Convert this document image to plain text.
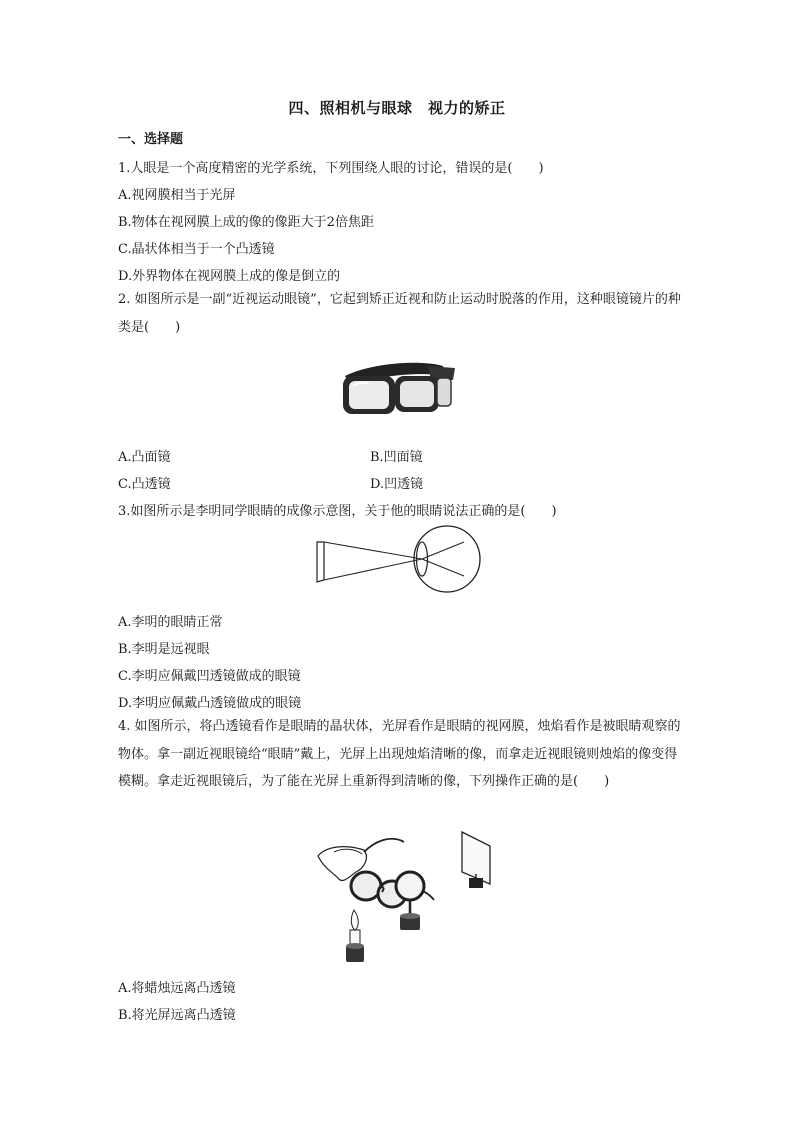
四、照相机与眼球　视力的矫正
一、选择题
1.人眼是一个高度精密的光学系统，下列围绕人眼的讨论，错误的是(　　)
A.视网膜相当于光屏
B.物体在视网膜上成的像的像距大于2倍焦距
C.晶状体相当于一个凸透镜
D.外界物体在视网膜上成的像是倒立的
2. 如图所示是一副“近视运动眼镜”，它起到矫正近视和防止运动时脱落的作用，这种眼镜镜片的种类是(　　)
A.凸面镜	B.凹面镜
C.凸透镜	D.凹透镜
3.如图所示是李明同学眼睛的成像示意图，关于他的眼睛说法正确的是(　　)
A.李明的眼睛正常
B.李明是远视眼
C.李明应佩戴凹透镜做成的眼镜
D.李明应佩戴凸透镜做成的眼镜
4. 如图所示，将凸透镜看作是眼睛的晶状体，光屏看作是眼睛的视网膜，烛焰看作是被眼睛观察的物体。拿一副近视眼镜给“眼睛”戴上，光屏上出现烛焰清晰的像，而拿走近视眼镜则烛焰的像变得模糊。拿走近视眼镜后，为了能在光屏上重新得到清晰的像，下列操作正确的是(　　)
A.将蜡烛远离凸透镜
B.将光屏远离凸透镜
